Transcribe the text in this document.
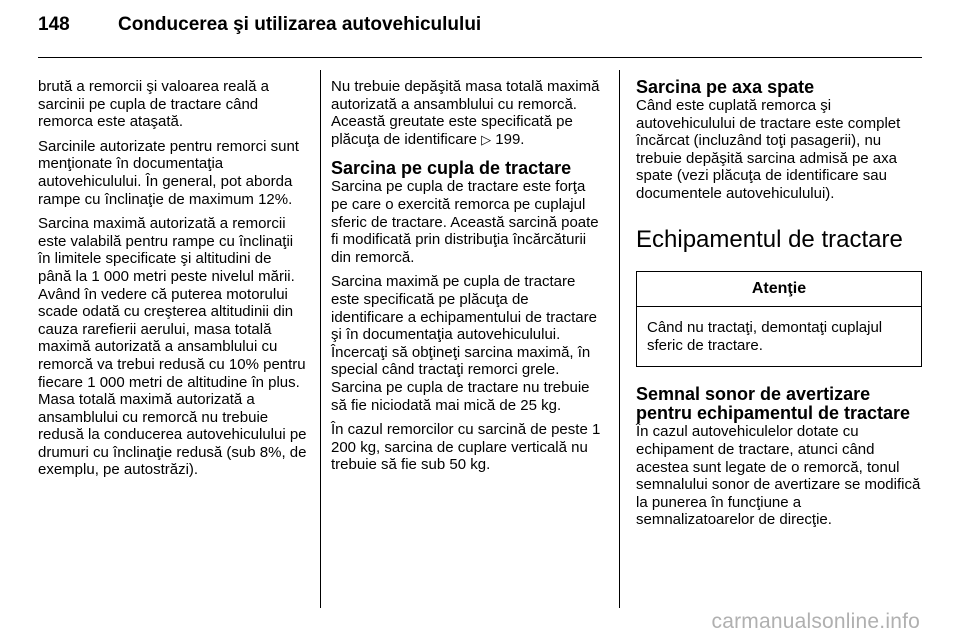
148	Conducerea şi utilizarea autovehiculului

brută a remorcii şi valoarea reală a sarcinii pe cupla de tractare când remorca este ataşată.

Sarcinile autorizate pentru remorci sunt menţionate în documentaţia autovehiculului. În general, pot aborda rampe cu înclinaţie de maximum 12%.

Sarcina maximă autorizată a remorcii este valabilă pentru rampe cu înclinaţii în limitele specificate şi altitudini de până la 1 000 metri peste nivelul mării. Având în vedere că puterea motorului scade odată cu creşterea altitudinii din cauza rarefierii aerului, masa totală maximă autorizată a ansamblului cu remorcă va trebui redusă cu 10% pentru fiecare 1 000 metri de altitudine în plus. Masa totală maximă autorizată a ansamblului cu remorcă nu trebuie redusă la conducerea autovehiculului pe drumuri cu înclinaţie redusă (sub 8%, de exemplu, pe autostrăzi).

Nu trebuie depăşită masa totală maximă autorizată a ansamblului cu remorcă. Această greutate este specificată pe plăcuţa de identificare ▷ 199.

Sarcina pe cupla de tractare

Sarcina pe cupla de tractare este forţa pe care o exercită remorca pe cuplajul sferic de tractare. Această sarcină poate fi modificată prin distribuţia încărcăturii din remorcă.

Sarcina maximă pe cupla de tractare este specificată pe plăcuţa de identificare a echipamentului de tractare şi în documentaţia autovehiculului. Încercaţi să obţineţi sarcina maximă, în special când tractaţi remorci grele. Sarcina pe cupla de tractare nu trebuie să fie niciodată mai mică de 25 kg.

În cazul remorcilor cu sarcină de peste 1 200 kg, sarcina de cuplare verticală nu trebuie să fie sub 50 kg.

Sarcina pe axa spate

Când este cuplată remorca şi autovehiculului de tractare este complet încărcat (incluzând toţi pasagerii), nu trebuie depăşită sarcina admisă pe axa spate (vezi plăcuţa de identificare sau documentele autovehiculului).

Echipamentul de tractare
Atenţie
Când nu tractaţi, demontaţi cuplajul sferic de tractare.
Semnal sonor de avertizare pentru echipamentul de tractare

În cazul autovehiculelor dotate cu echipament de tractare, atunci când acestea sunt legate de o remorcă, tonul semnalului sonor de avertizare se modifică la punerea în funcţiune a semnalizatoarelor de direcţie.

carmanualsonline.info
